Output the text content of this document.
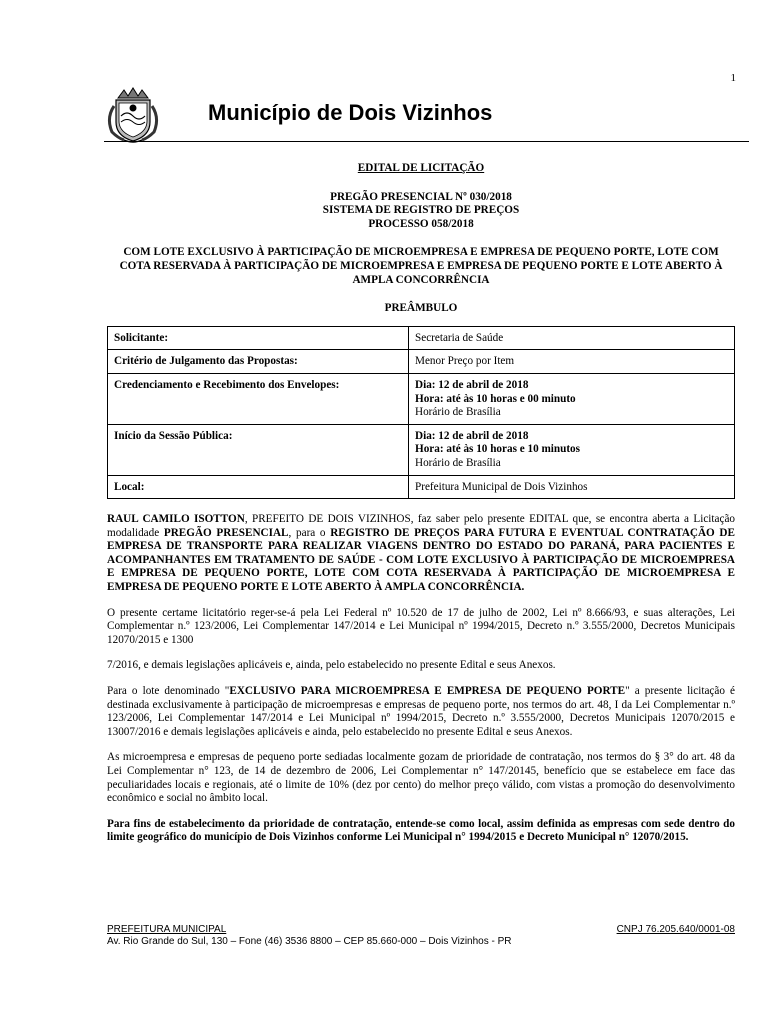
1
Município de Dois Vizinhos
EDITAL DE LICITAÇÃO
PREGÃO PRESENCIAL Nº 030/2018
SISTEMA DE REGISTRO DE PREÇOS
PROCESSO 058/2018
COM LOTE EXCLUSIVO À PARTICIPAÇÃO DE MICROEMPRESA E EMPRESA DE PEQUENO PORTE, LOTE COM COTA RESERVADA À PARTICIPAÇÃO DE MICROEMPRESA E EMPRESA DE PEQUENO PORTE E LOTE ABERTO À AMPLA CONCORRÊNCIA
PREÂMBULO
Solicitante:	Secretaria de Saúde
Critério de Julgamento das Propostas:	Menor Preço por Item
Credenciamento e Recebimento dos Envelopes:	Dia: 12 de abril de 2018
Hora: até às 10 horas e 00 minuto
Horário de Brasília

Início da Sessão Pública:	Dia: 12 de abril de 2018
Hora: até às 10 horas e 10 minutos
Horário de Brasília

Local:	Prefeitura Municipal de Dois Vizinhos

RAUL CAMILO ISOTTON, PREFEITO DE DOIS VIZINHOS, faz saber pelo presente EDITAL que, se encontra aberta a Licitação modalidade PREGÃO PRESENCIAL, para o REGISTRO DE PREÇOS PARA FUTURA E EVENTUAL CONTRATAÇÃO DE EMPRESA DE TRANSPORTE PARA REALIZAR VIAGENS DENTRO DO ESTADO DO PARANÁ, PARA PACIENTES E ACOMPANHANTES EM TRATAMENTO DE SAÚDE - COM LOTE EXCLUSIVO À PARTICIPAÇÃO DE MICROEMPRESA E EMPRESA DE PEQUENO PORTE, LOTE COM COTA RESERVADA À PARTICIPAÇÃO DE MICROEMPRESA E EMPRESA DE PEQUENO PORTE E LOTE ABERTO À AMPLA CONCORRÊNCIA.

O presente certame licitatório reger-se-á pela Lei Federal nº 10.520 de 17 de julho de 2002, Lei nº 8.666/93, e suas alterações, Lei Complementar n.º 123/2006, Lei Complementar 147/2014 e Lei Municipal nº 1994/2015, Decreto n.º 3.555/2000, Decretos Municipais 12070/2015 e 1300

7/2016, e demais legislações aplicáveis e, ainda, pelo estabelecido no presente Edital e seus Anexos.

Para o lote denominado "EXCLUSIVO PARA MICROEMPRESA E EMPRESA DE PEQUENO PORTE" a presente licitação é destinada exclusivamente à participação de microempresas e empresas de pequeno porte, nos termos do art. 48, I da Lei Complementar n.º 123/2006, Lei Complementar 147/2014 e Lei Municipal nº 1994/2015, Decreto n.º 3.555/2000, Decretos Municipais 12070/2015 e 13007/2016 e demais legislações aplicáveis e ainda, pelo estabelecido no presente Edital e seus Anexos.

As microempresa e empresas de pequeno porte sediadas localmente gozam de prioridade de contratação, nos termos do § 3° do art. 48 da Lei Complementar n° 123, de 14 de dezembro de 2006, Lei Complementar n° 147/20145, benefício que se estabelece em face das peculiaridades locais e regionais, até o limite de 10% (dez por cento) do melhor preço válido, com vistas a promoção do desenvolvimento econômico e social no âmbito local.

Para fins de estabelecimento da prioridade de contratação, entende-se como local, assim definida as empresas com sede dentro do limite geográfico do município de Dois Vizinhos conforme Lei Municipal n° 1994/2015 e Decreto Municipal n° 12070/2015.

PREFEITURA MUNICIPAL	CNPJ 76.205.640/0001-08
Av. Rio Grande do Sul, 130 – Fone (46) 3536 8800 – CEP 85.660-000 – Dois Vizinhos - PR
